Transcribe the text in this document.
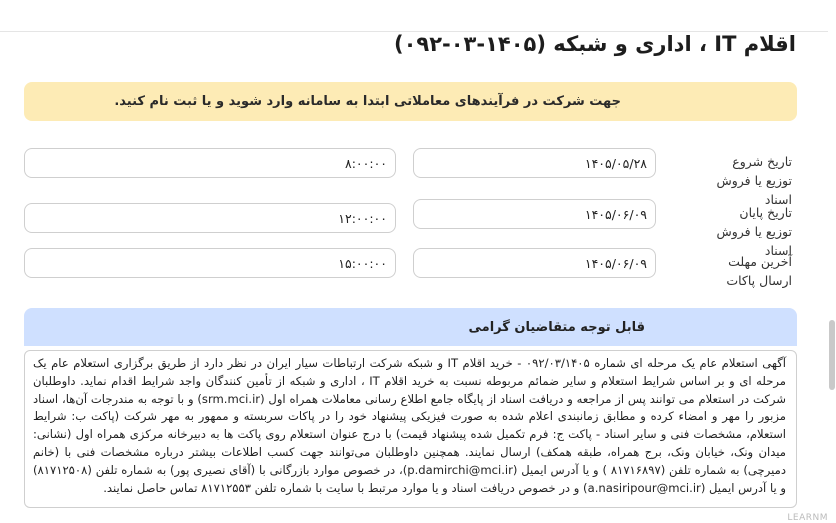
اقلام IT ، اداری و شبکه (۱۴۰۵-۰۳-۰۹۲)
جهت شرکت در فرآیندهای معاملاتی ابتدا به سامانه وارد شوید و یا ثبت نام کنید.
تاریخ شروع توزیع یا فروش اسناد
۱۴۰۵/۰۵/۲۸
۸:۰۰:۰۰
تاریخ پایان توزیع یا فروش اسناد
۱۴۰۵/۰۶/۰۹
۱۲:۰۰:۰۰
آخرین مهلت ارسال پاکات
۱۴۰۵/۰۶/۰۹
۱۵:۰۰:۰۰
قابل توجه متقاضیان گرامی
آگهی استعلام عام یک مرحله ای شماره ۰۹۲/۰۳/۱۴۰۵ - خرید اقلام IT و شبکه شرکت ارتباطات سیار ایران در نظر دارد از طریق برگزاری استعلام عام یک مرحله ای و بر اساس شرایط استعلام و سایر ضمائم مربوطه نسبت به خرید اقلام IT ، اداری و شبکه از تأمین کنندگان واجد شرایط اقدام نماید. داوطلبان شرکت در استعلام می توانند پس از مراجعه و دریافت اسناد از پایگاه جامع اطلاع رسانی معاملات همراه اول (srm.mci.ir) و با توجه به مندرجات آن‌ها، اسناد مزبور را مهر و امضاء کرده و مطابق زمانبندی اعلام شده به صورت فیزیکی پیشنهاد خود را در پاکات سربسته و ممهور به مهر شرکت (پاکت ب: شرایط استعلام، مشخصات فنی و سایر اسناد - پاکت ج: فرم تکمیل شده پیشنهاد قیمت) با درج عنوان استعلام روی پاکت ها به دبیرخانه مرکزی همراه اول (نشانی: میدان ونک، خیابان ونک، برج همراه، طبقه همکف) ارسال نمایند. همچنین داوطلبان می‌توانند جهت کسب اطلاعات بیشتر درباره مشخصات فنی با (خانم دمیرچی) به شماره تلفن (۸۱۷۱۶۸۹۷ ) و یا آدرس ایمیل (p.damirchi@mci.ir)، در خصوص موارد بازرگانی با (آقای نصیری پور) به شماره تلفن (۸۱۷۱۲۵۰۸) و یا آدرس ایمیل (a.nasiripour@mci.ir) و در خصوص دریافت اسناد و یا موارد مرتبط با سایت با شماره تلفن ۸۱۷۱۲۵۵۳ تماس حاصل نمایند.
LEARNM
